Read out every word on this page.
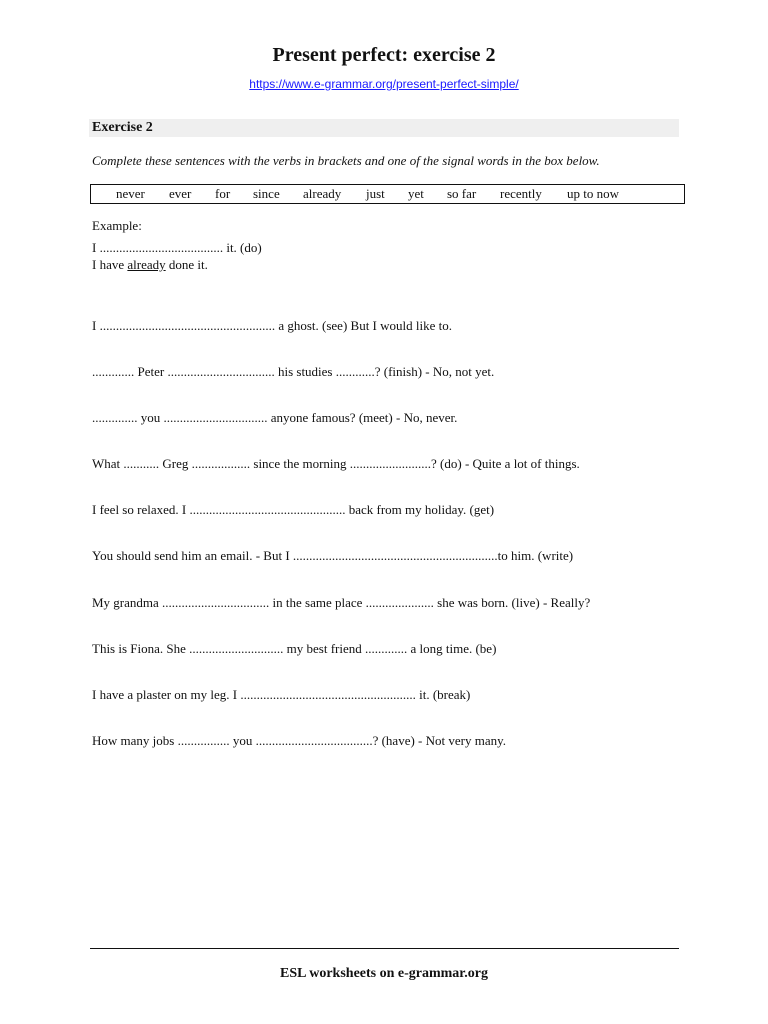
Present perfect: exercise 2
https://www.e-grammar.org/present-perfect-simple/
Exercise 2
Complete these sentences with the verbs in brackets and one of the signal words in the box below.
never ever for since already just yet so far recently up to now
Example:
I ...................................... it. (do)
I have already done it.
I ...................................................... a ghost. (see) But I would like to.
............. Peter ................................. his studies ............? (finish) - No, not yet.
.............. you ................................ anyone famous? (meet) - No, never.
What ........... Greg .................. since the morning .........................? (do) - Quite a lot of things.
I feel so relaxed. I ................................................ back from my holiday. (get)
You should send him an email. - But I ...............................................................to him. (write)
My grandma ................................. in the same place ..................... she was born. (live) - Really?
This is Fiona. She ............................. my best friend ............. a long time. (be)
I have a plaster on my leg. I ...................................................... it. (break)
How many jobs ................ you ....................................? (have) - Not very many.
ESL worksheets on e-grammar.org
